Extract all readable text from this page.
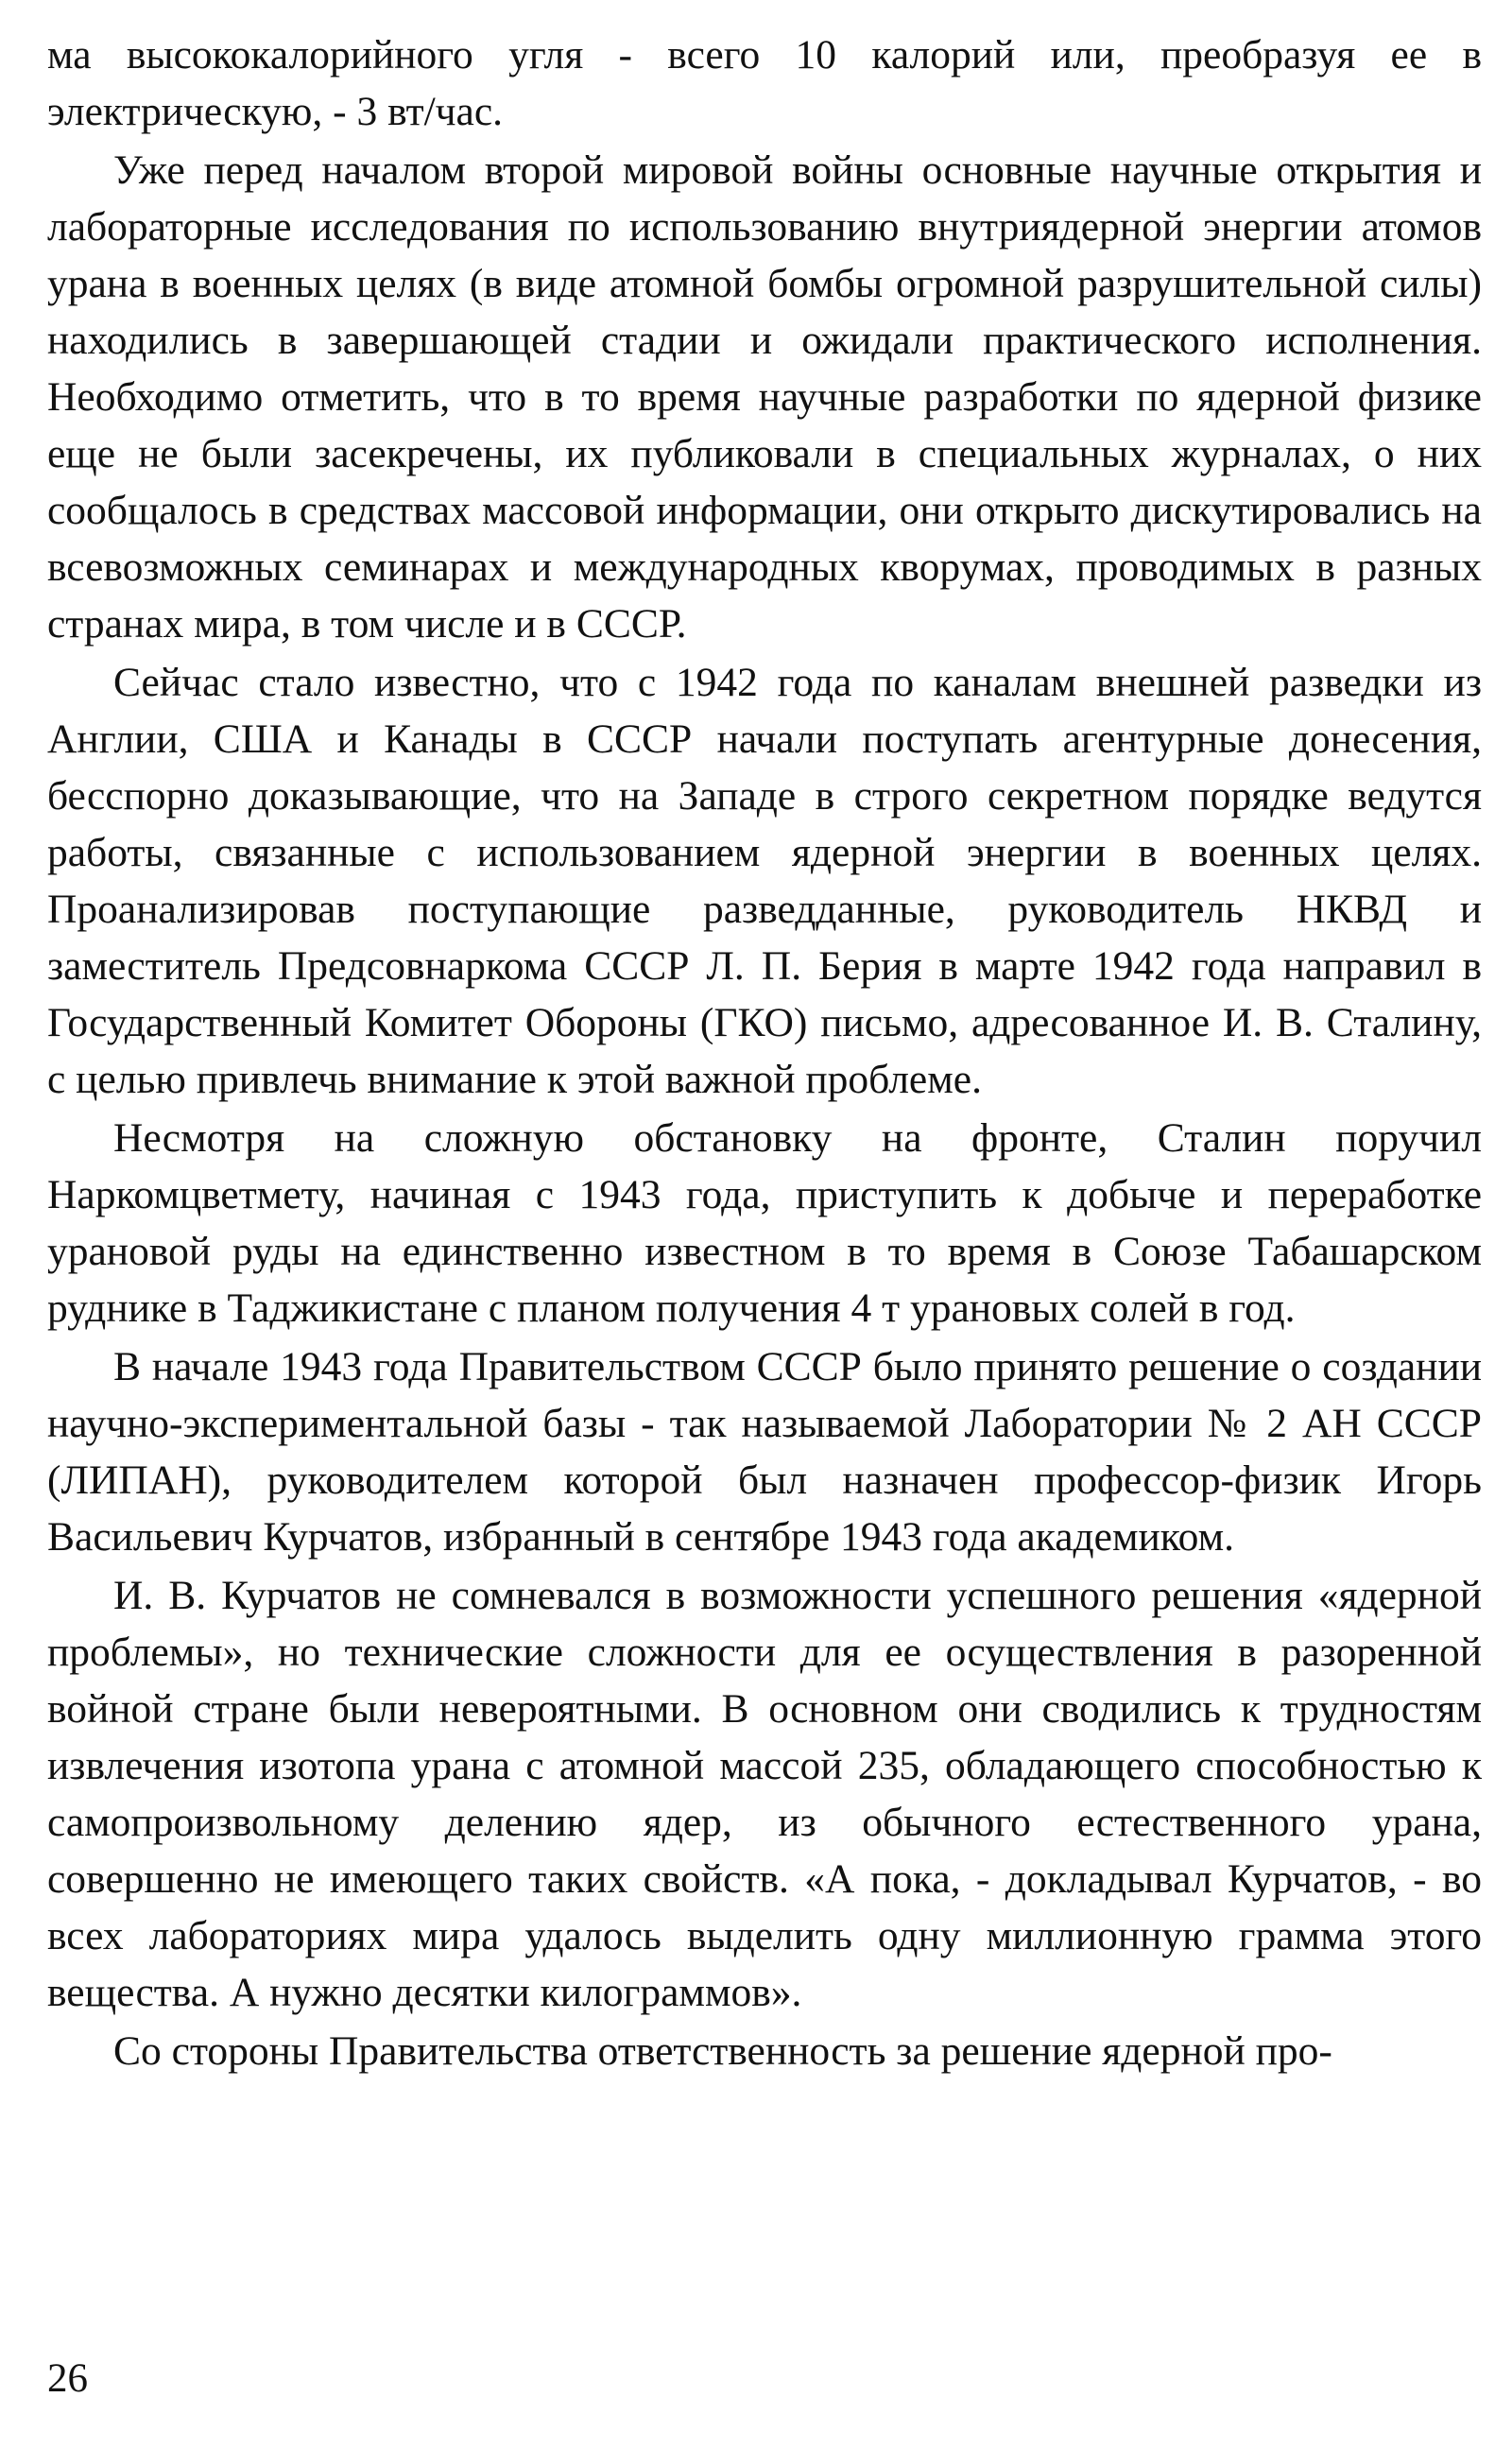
ма высококалорийного угля - всего 10 калорий или, преобразуя ее в электрическую, - 3 вт/час.

Уже перед началом второй мировой войны основные научные открытия и лабораторные исследования по использованию внутриядерной энергии атомов урана в военных целях (в виде атомной бомбы огромной разрушительной силы) находились в завершающей стадии и ожидали практического исполнения. Необходимо отметить, что в то время научные разработки по ядерной физике еще не были засекречены, их публиковали в специальных журналах, о них сообщалось в средствах массовой информации, они открыто дискутировались на всевозможных семинарах и международных кворумах, проводимых в разных странах мира, в том числе и в СССР.

Сейчас стало известно, что с 1942 года по каналам внешней разведки из Англии, США и Канады в СССР начали поступать агентурные донесения, бесспорно доказывающие, что на Западе в строго секретном порядке ведутся работы, связанные с использованием ядерной энергии в военных целях. Проанализировав поступающие разведданные, руководитель НКВД и заместитель Предсовнаркома СССР Л. П. Берия в марте 1942 года направил в Государственный Комитет Обороны (ГКО) письмо, адресованное И. В. Сталину, с целью привлечь внимание к этой важной проблеме.

Несмотря на сложную обстановку на фронте, Сталин поручил Наркомцветмету, начиная с 1943 года, приступить к добыче и переработке урановой руды на единственно известном в то время в Союзе Табашарском руднике в Таджикистане с планом получения 4 т урановых солей в год.

В начале 1943 года Правительством СССР было принято решение о создании научно-экспериментальной базы - так называемой Лаборатории № 2 АН СССР (ЛИПАН), руководителем которой был назначен профессор-физик Игорь Васильевич Курчатов, избранный в сентябре 1943 года академиком.

И. В. Курчатов не сомневался в возможности успешного решения «ядерной проблемы», но технические сложности для ее осуществления в разоренной войной стране были невероятными. В основном они сводились к трудностям извлечения изотопа урана с атомной массой 235, обладающего способностью к самопроизвольному делению ядер, из обычного естественного урана, совершенно не имеющего таких свойств. «А пока, - докладывал Курчатов, - во всех лабораториях мира удалось выделить одну миллионную грамма этого вещества. А нужно десятки килограммов».

Со стороны Правительства ответственность за решение ядерной про-

26
